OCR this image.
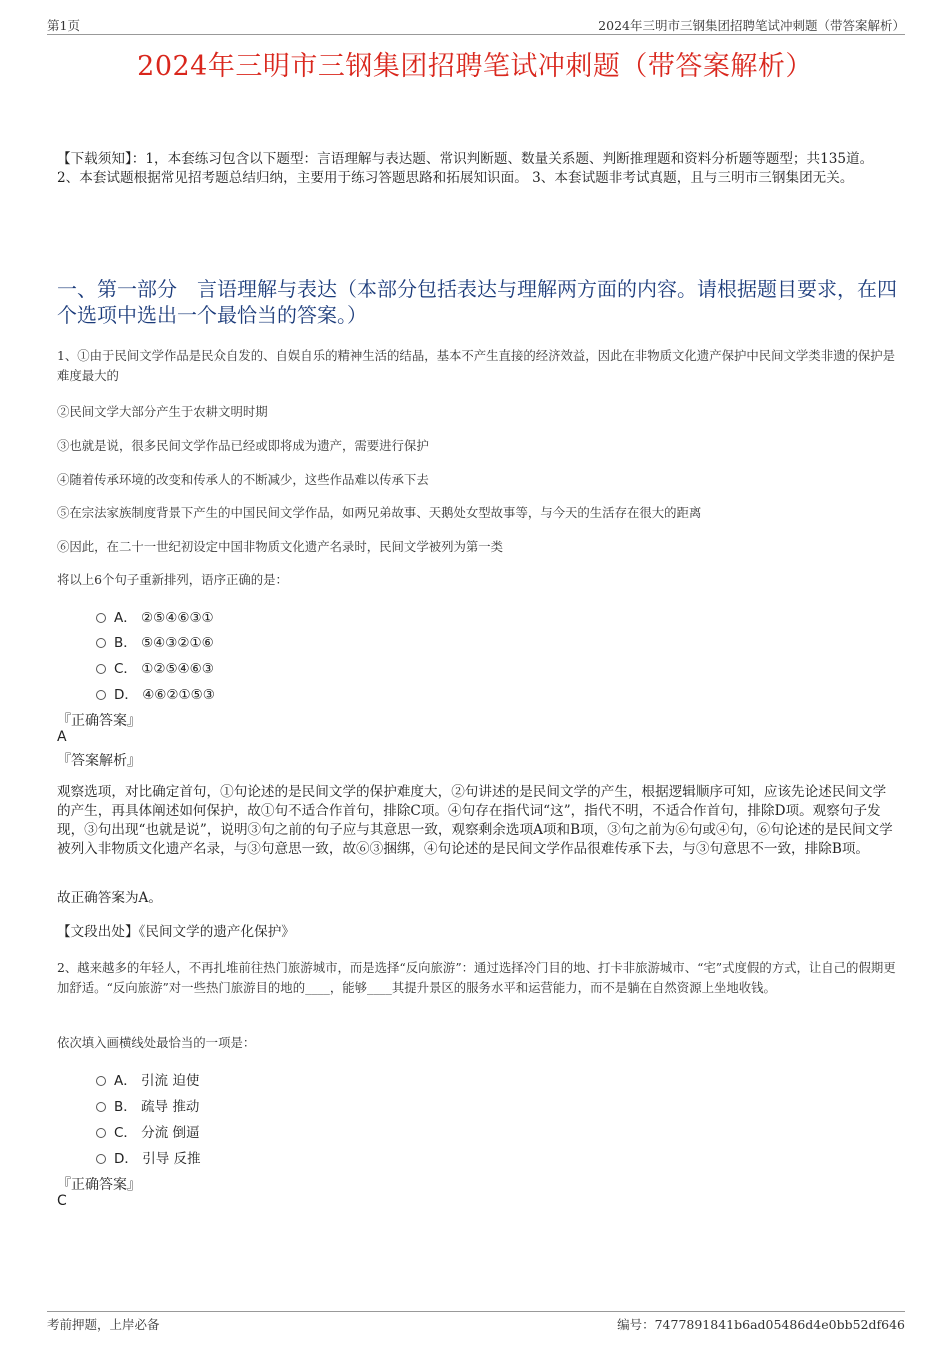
第1页	2024年三明市三钢集团招聘笔试冲刺题（带答案解析）
2024年三明市三钢集团招聘笔试冲刺题（带答案解析）
【下载须知】：1，本套练习包含以下题型：言语理解与表达题、常识判断题、数量关系题、判断推理题和资料分析题等题型；共135道。 2、本套试题根据常见招考题总结归纳，主要用于练习答题思路和拓展知识面。 3、本套试题非考试真题，且与三明市三钢集团无关。
一、第一部分　言语理解与表达（本部分包括表达与理解两方面的内容。请根据题目要求，在四个选项中选出一个最恰当的答案。）
1、①由于民间文学作品是民众自发的、自娱自乐的精神生活的结晶，基本不产生直接的经济效益，因此在非物质文化遗产保护中民间文学类非遗的保护是难度最大的
②民间文学大部分产生于农耕文明时期
③也就是说，很多民间文学作品已经或即将成为遗产，需要进行保护
④随着传承环境的改变和传承人的不断减少，这些作品难以传承下去
⑤在宗法家族制度背景下产生的中国民间文学作品，如两兄弟故事、天鹅处女型故事等，与今天的生活存在很大的距离
⑥因此，在二十一世纪初设定中国非物质文化遗产名录时，民间文学被列为第一类
将以上6个句子重新排列，语序正确的是：
A． ②⑤④⑥③①
B． ⑤④③②①⑥
C． ①②⑤④⑥③
D． ④⑥②①⑤③
『正确答案』
A
『答案解析』
观察选项，对比确定首句，①句论述的是民间文学的保护难度大，②句讲述的是民间文学的产生，根据逻辑顺序可知，应该先论述民间文学的产生，再具体阐述如何保护，故①句不适合作首句，排除C项。④句存在指代词“这”，指代不明，不适合作首句，排除D项。观察句子发现，③句出现“也就是说”，说明③句之前的句子应与其意思一致，观察剩余选项A项和B项，③句之前为⑥句或④句，⑥句论述的是民间文学被列入非物质文化遗产名录，与③句意思一致，故⑥③捆绑，④句论述的是民间文学作品很难传承下去，与③句意思不一致，排除B项。
故正确答案为A。
【文段出处】《民间文学的遗产化保护》
2、越来越多的年轻人，不再扎堆前往热门旅游城市，而是选择“反向旅游”：通过选择冷门目的地、打卡非旅游城市、“宅”式度假的方式，让自己的假期更加舒适。“反向旅游”对一些热门旅游目的地的____，能够____其提升景区的服务水平和运营能力，而不是躺在自然资源上坐地收钱。
依次填入画横线处最恰当的一项是：
A． 引流 迫使
B． 疏导 推动
C． 分流 倒逼
D． 引导 反推
『正确答案』
C
考前押题，上岸必备	编号：7477891841b6ad05486d4e0bb52df646
